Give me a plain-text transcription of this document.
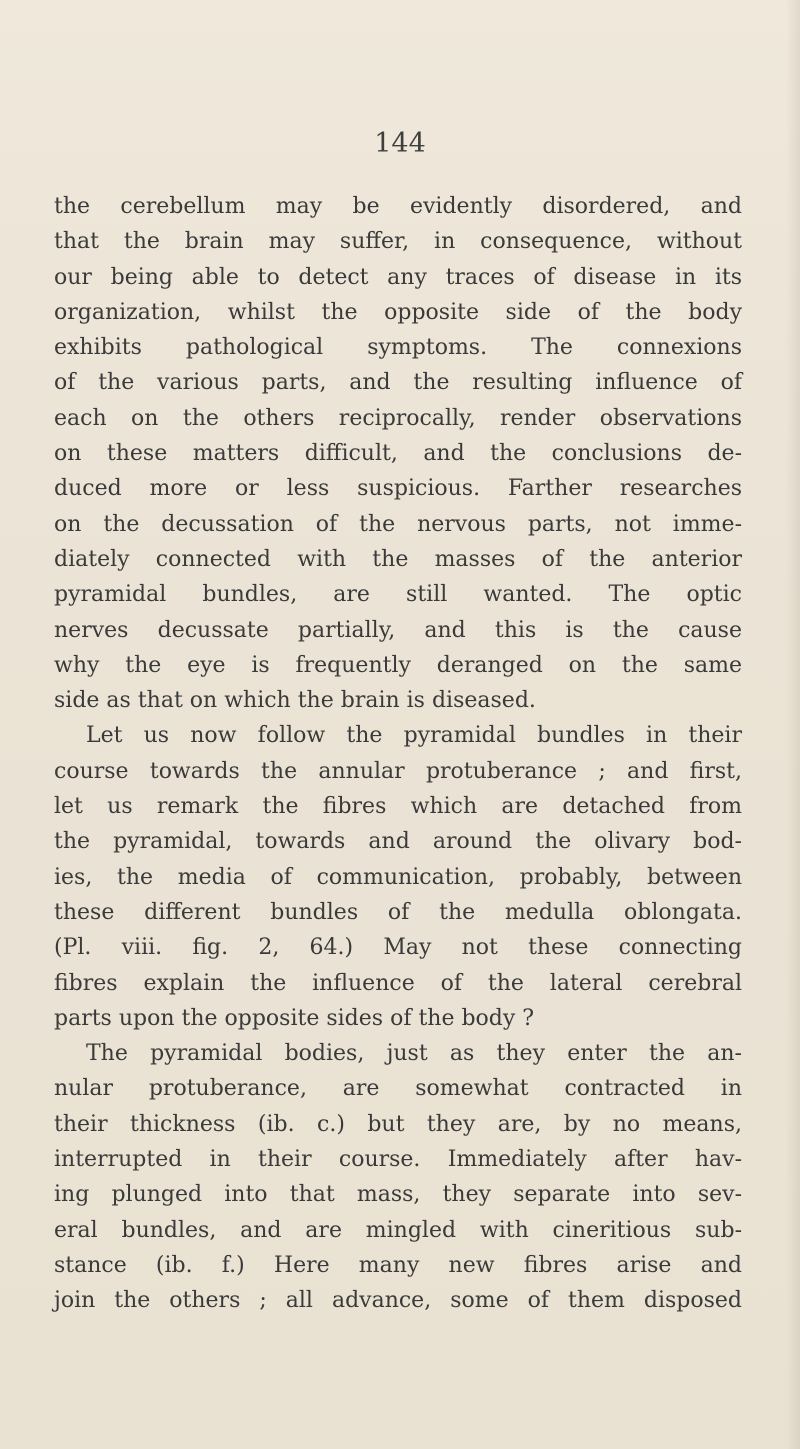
144

the cerebellum may be evidently disordered, and
that the brain may suffer, in consequence, without
our being able to detect any traces of disease in its
organization, whilst the opposite side of the body
exhibits pathological symptoms. The connexions
of the various parts, and the resulting influence of
each on the others reciprocally, render observations
on these matters difficult, and the conclusions de-
duced more or less suspicious. Farther researches
on the decussation of the nervous parts, not imme-
diately connected with the masses of the anterior
pyramidal bundles, are still wanted. The optic
nerves decussate partially, and this is the cause
why the eye is frequently deranged on the same
side as that on which the brain is diseased.
Let us now follow the pyramidal bundles in their
course towards the annular protuberance ; and first,
let us remark the fibres which are detached from
the pyramidal, towards and around the olivary bod-
ies, the media of communication, probably, between
these different bundles of the medulla oblongata.
(Pl. viii. fig. 2, 64.) May not these connecting
fibres explain the influence of the lateral cerebral
parts upon the opposite sides of the body ?
The pyramidal bodies, just as they enter the an-
nular protuberance, are somewhat contracted in
their thickness (ib. c.) but they are, by no means,
interrupted in their course. Immediately after hav-
ing plunged into that mass, they separate into sev-
eral bundles, and are mingled with cineritious sub-
stance (ib. f.) Here many new fibres arise and
join the others ; all advance, some of them disposed
